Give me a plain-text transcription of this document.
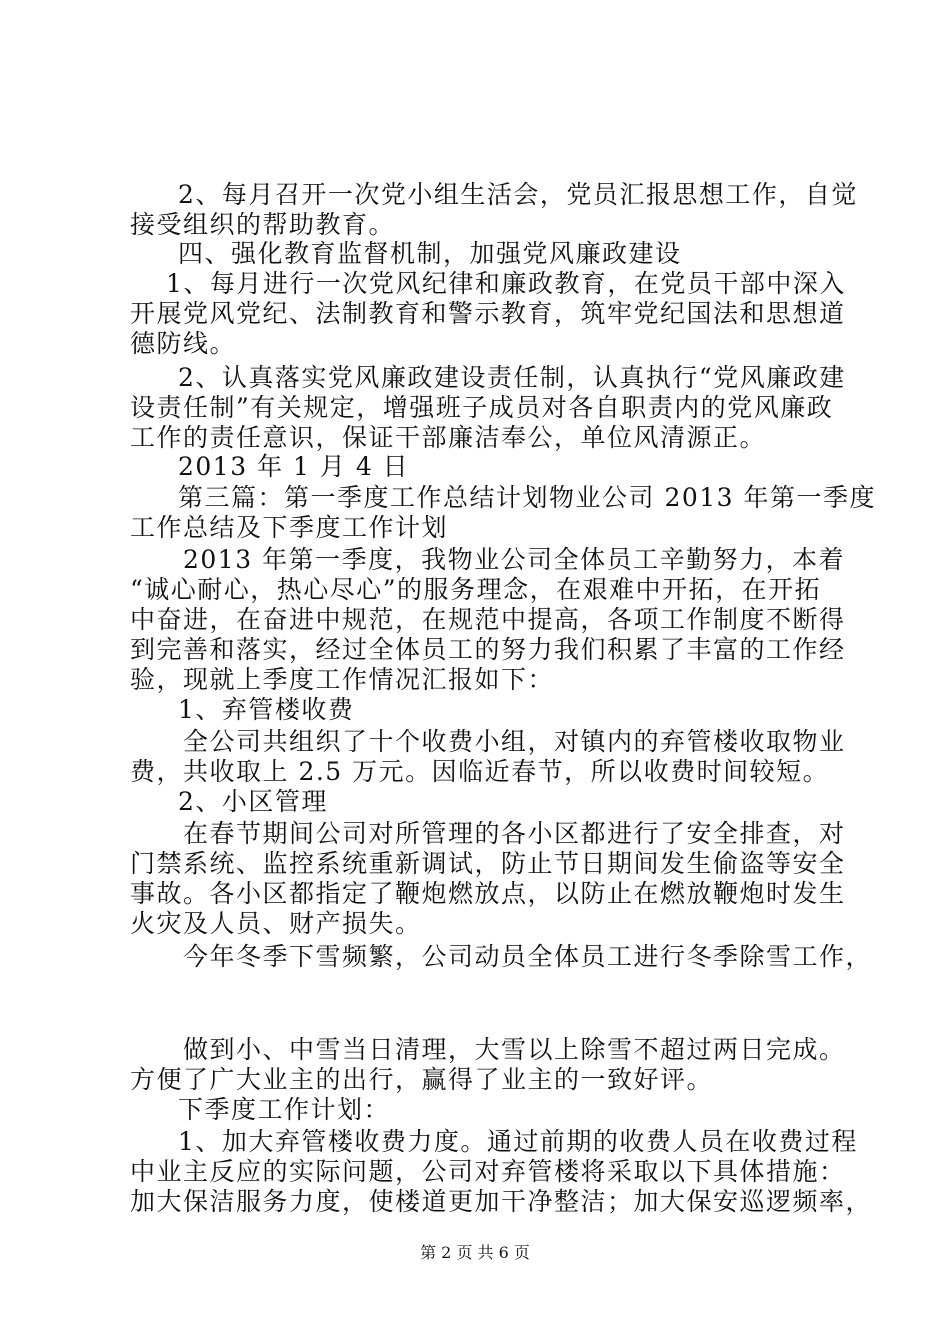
2、每月召开一次党小组生活会，党员汇报思想工作，自觉
接受组织的帮助教育。
四、强化教育监督机制，加强党风廉政建设
1、每月进行一次党风纪律和廉政教育，在党员干部中深入
开展党风党纪、法制教育和警示教育，筑牢党纪国法和思想道
德防线。
2、认真落实党风廉政建设责任制，认真执行“党风廉政建
设责任制”有关规定，增强班子成员对各自职责内的党风廉政
工作的责任意识，保证干部廉洁奉公，单位风清源正。
2013 年 1 月 4 日
第三篇：第一季度工作总结计划物业公司 2013 年第一季度
工作总结及下季度工作计划
2013 年第一季度，我物业公司全体员工辛勤努力，本着
“诚心耐心，热心尽心”的服务理念，在艰难中开拓，在开拓
中奋进，在奋进中规范，在规范中提高，各项工作制度不断得
到完善和落实，经过全体员工的努力我们积累了丰富的工作经
验，现就上季度工作情况汇报如下：
1、弃管楼收费
全公司共组织了十个收费小组，对镇内的弃管楼收取物业
费，共收取上 2.5 万元。因临近春节，所以收费时间较短。
2、小区管理
在春节期间公司对所管理的各小区都进行了安全排查，对
门禁系统、监控系统重新调试，防止节日期间发生偷盗等安全
事故。各小区都指定了鞭炮燃放点，以防止在燃放鞭炮时发生
火灾及人员、财产损失。
今年冬季下雪频繁，公司动员全体员工进行冬季除雪工作，
做到小、中雪当日清理，大雪以上除雪不超过两日完成。
方便了广大业主的出行，赢得了业主的一致好评。
下季度工作计划：
1、加大弃管楼收费力度。通过前期的收费人员在收费过程
中业主反应的实际问题，公司对弃管楼将采取以下具体措施：
加大保洁服务力度，使楼道更加干净整洁；加大保安巡逻频率，
第 2 页 共 6 页
